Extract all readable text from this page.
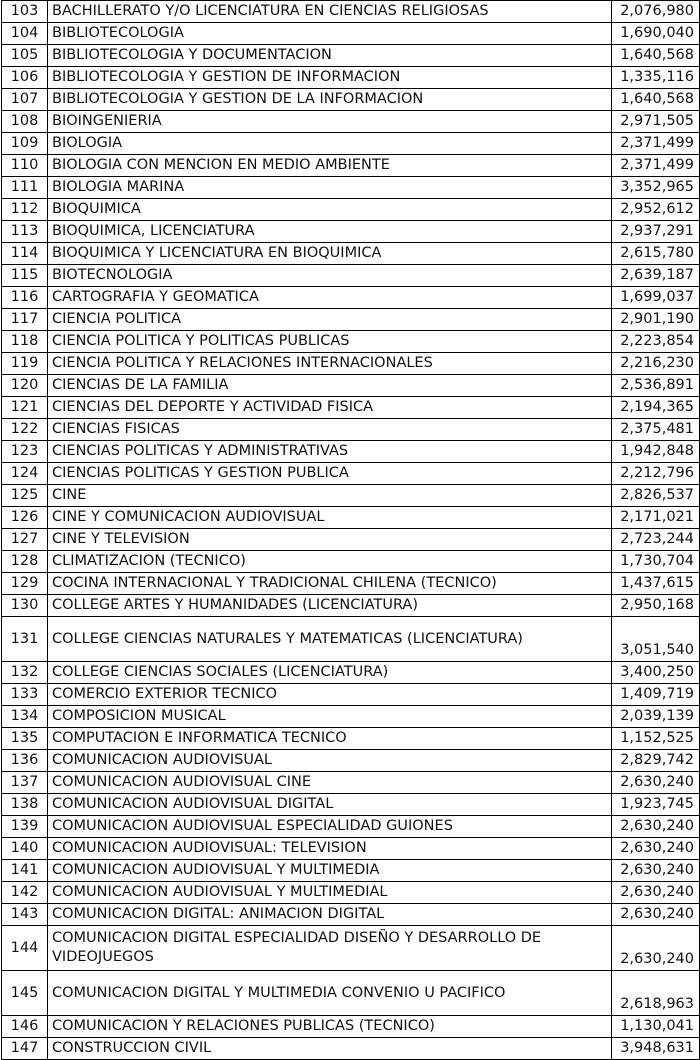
103	BACHILLERATO Y/O LICENCIATURA EN CIENCIAS RELIGIOSAS	2,076,980
104	BIBLIOTECOLOGIA	1,690,040
105	BIBLIOTECOLOGIA Y DOCUMENTACION	1,640,568
106	BIBLIOTECOLOGIA Y GESTION DE INFORMACION	1,335,116
107	BIBLIOTECOLOGIA Y GESTION DE LA INFORMACION	1,640,568
108	BIOINGENIERIA	2,971,505
109	BIOLOGIA	2,371,499
110	BIOLOGIA CON MENCION EN MEDIO AMBIENTE	2,371,499
111	BIOLOGIA MARINA	3,352,965
112	BIOQUIMICA	2,952,612
113	BIOQUIMICA, LICENCIATURA	2,937,291
114	BIOQUIMICA Y LICENCIATURA EN BIOQUIMICA	2,615,780
115	BIOTECNOLOGIA	2,639,187
116	CARTOGRAFIA Y GEOMATICA	1,699,037
117	CIENCIA POLITICA	2,901,190
118	CIENCIA POLITICA Y POLITICAS PUBLICAS	2,223,854
119	CIENCIA POLITICA Y RELACIONES INTERNACIONALES	2,216,230
120	CIENCIAS DE LA FAMILIA	2,536,891
121	CIENCIAS DEL DEPORTE Y ACTIVIDAD FISICA	2,194,365
122	CIENCIAS FISICAS	2,375,481
123	CIENCIAS POLITICAS Y ADMINISTRATIVAS	1,942,848
124	CIENCIAS POLITICAS Y GESTION PUBLICA	2,212,796
125	CINE	2,826,537
126	CINE Y COMUNICACION AUDIOVISUAL	2,171,021
127	CINE Y TELEVISION	2,723,244
128	CLIMATIZACION (TECNICO)	1,730,704
129	COCINA INTERNACIONAL Y TRADICIONAL CHILENA (TECNICO)	1,437,615
130	COLLEGE ARTES Y HUMANIDADES (LICENCIATURA)	2,950,168
131	COLLEGE CIENCIAS NATURALES Y MATEMATICAS (LICENCIATURA)	3,051,540
132	COLLEGE CIENCIAS SOCIALES (LICENCIATURA)	3,400,250
133	COMERCIO EXTERIOR TECNICO	1,409,719
134	COMPOSICION MUSICAL	2,039,139
135	COMPUTACION E INFORMATICA TECNICO	1,152,525
136	COMUNICACION AUDIOVISUAL	2,829,742
137	COMUNICACION AUDIOVISUAL CINE	2,630,240
138	COMUNICACION AUDIOVISUAL DIGITAL	1,923,745
139	COMUNICACION AUDIOVISUAL ESPECIALIDAD GUIONES	2,630,240
140	COMUNICACION AUDIOVISUAL: TELEVISION	2,630,240
141	COMUNICACION AUDIOVISUAL Y MULTIMEDIA	2,630,240
142	COMUNICACION AUDIOVISUAL Y MULTIMEDIAL	2,630,240
143	COMUNICACION DIGITAL: ANIMACION DIGITAL	2,630,240
144	COMUNICACION DIGITAL ESPECIALIDAD DISEÑO Y DESARROLLO DE VIDEOJUEGOS	2,630,240
145	COMUNICACION DIGITAL Y MULTIMEDIA CONVENIO U PACIFICO	2,618,963
146	COMUNICACION Y RELACIONES PUBLICAS (TECNICO)	1,130,041
147	CONSTRUCCION CIVIL	3,948,631
